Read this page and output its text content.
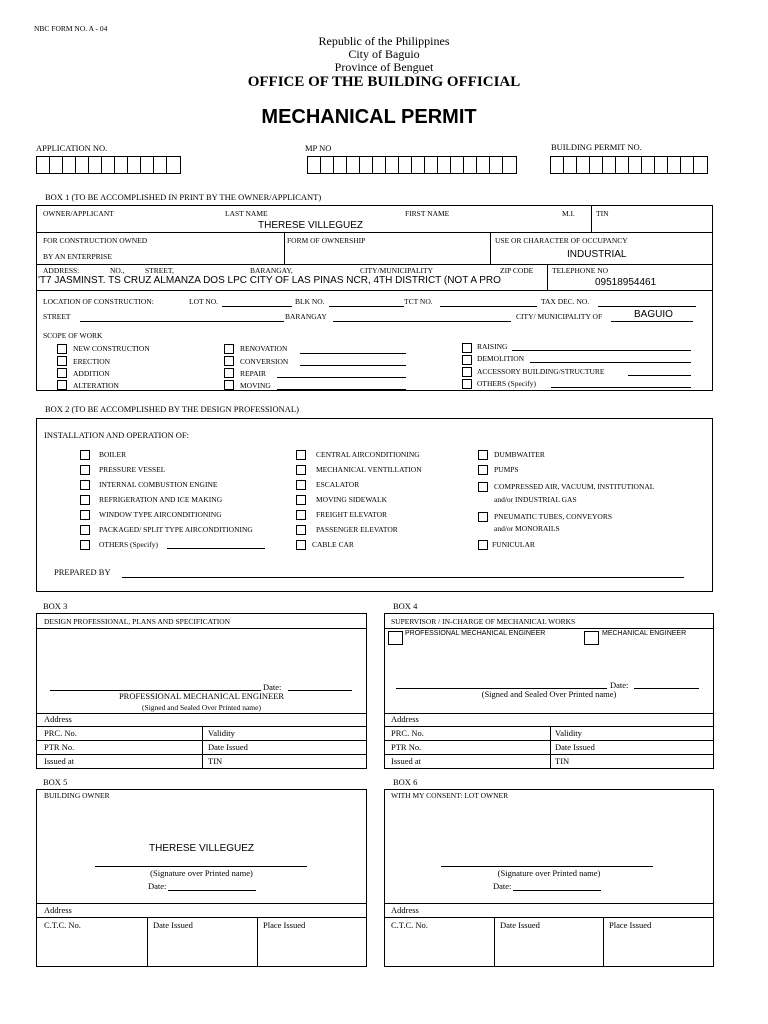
NBC FORM NO. A - 04
Republic of the Philippines
City of Baguio
Province of Benguet
OFFICE OF THE BUILDING OFFICIAL
MECHANICAL PERMIT
APPLICATION NO.	MP NO	BUILDING PERMIT NO.
BOX 1 (TO BE ACCOMPLISHED IN PRINT BY THE OWNER/APPLICANT)
OWNER/APPLICANT	LAST NAME	FIRST NAME	M.I.	TIN
THERESE VILLEGUEZ
FOR CONSTRUCTION OWNED
BY AN ENTERPRISE
FORM OF OWNERSHIP	USE OR CHARACTER OF OCCUPANCY
INDUSTRIAL
ADDRESS:	NO.,	STREET,	BARANGAY,	CITY/MUNICIPALITY	ZIP CODE TELEPHONE NO
'T7 JASMINST. TS CRUZ ALMANZA DOS LPC CITY OF LAS PINAS NCR, 4TH DISTRICT (NOT A PRO	09518954461
LOCATION OF CONSTRUCTION:	LOT NO.	BLK NO.	TCT NO.	TAX DEC. NO.
STREET	BARANGAY	CITY/ MUNICIPALITY OF	BAGUIO
SCOPE OF WORK
NEW CONSTRUCTION
ERECTION
ADDITION
ALTERATION
RENOVATION
CONVERSION
REPAIR
MOVING
RAISING
DEMOLITION
ACCESSORY BUILDING/STRUCTURE
OTHERS (Specify)
BOX 2 (TO BE ACCOMPLISHED BY THE DESIGN PROFESSIONAL)
INSTALLATION AND OPERATION OF:
BOILER
PRESSURE VESSEL
INTERNAL COMBUSTION ENGINE
REFRIGERATION AND ICE MAKING
WINDOW TYPE AIRCONDITIONING
PACKAGED/ SPLIT TYPE AIRCONDITIONING
OTHERS (Specify)
CENTRAL AIRCONDITIONING
MECHANICAL VENTILLATION
ESCALATOR
MOVING SIDEWALK
FREIGHT ELEVATOR
PASSENGER ELEVATOR
CABLE CAR
DUMBWAITER
PUMPS
COMPRESSED AIR, VACUUM, INSTITUTIONAL
and/or INDUSTRIAL GAS
PNEUMATIC TUBES, CONVEYORS
and/or MONORAILS
FUNICULAR
PREPARED BY
BOX 3
DESIGN PROFESSIONAL, PLANS AND SPECIFICATION
Date:
PROFESSIONAL MECHANICAL ENGINEER
(Signed and Sealed Over Printed name)
Address
PRC. No.	Validity
PTR No.	Date Issued
Issued at	TIN
BOX 4
SUPERVISOR / IN-CHARGE OF MECHANICAL WORKS
PROFESSIONAL MECHANICAL ENGINEER	MECHANICAL ENGINEER
Date:
(Signed and Sealed Over Printed name)
Address
PRC. No.	Validity
PTR No.	Date Issued
Issued at	TIN
BOX 5
BUILDING OWNER
THERESE VILLEGUEZ
(Signature over Printed name)
Date:
Address
C.T.C. No.	Date Issued	Place Issued
BOX 6
WITH MY CONSENT: LOT OWNER
(Signature over Printed name)
Date:
Address
C.T.C. No.	Date Issued	Place Issued
